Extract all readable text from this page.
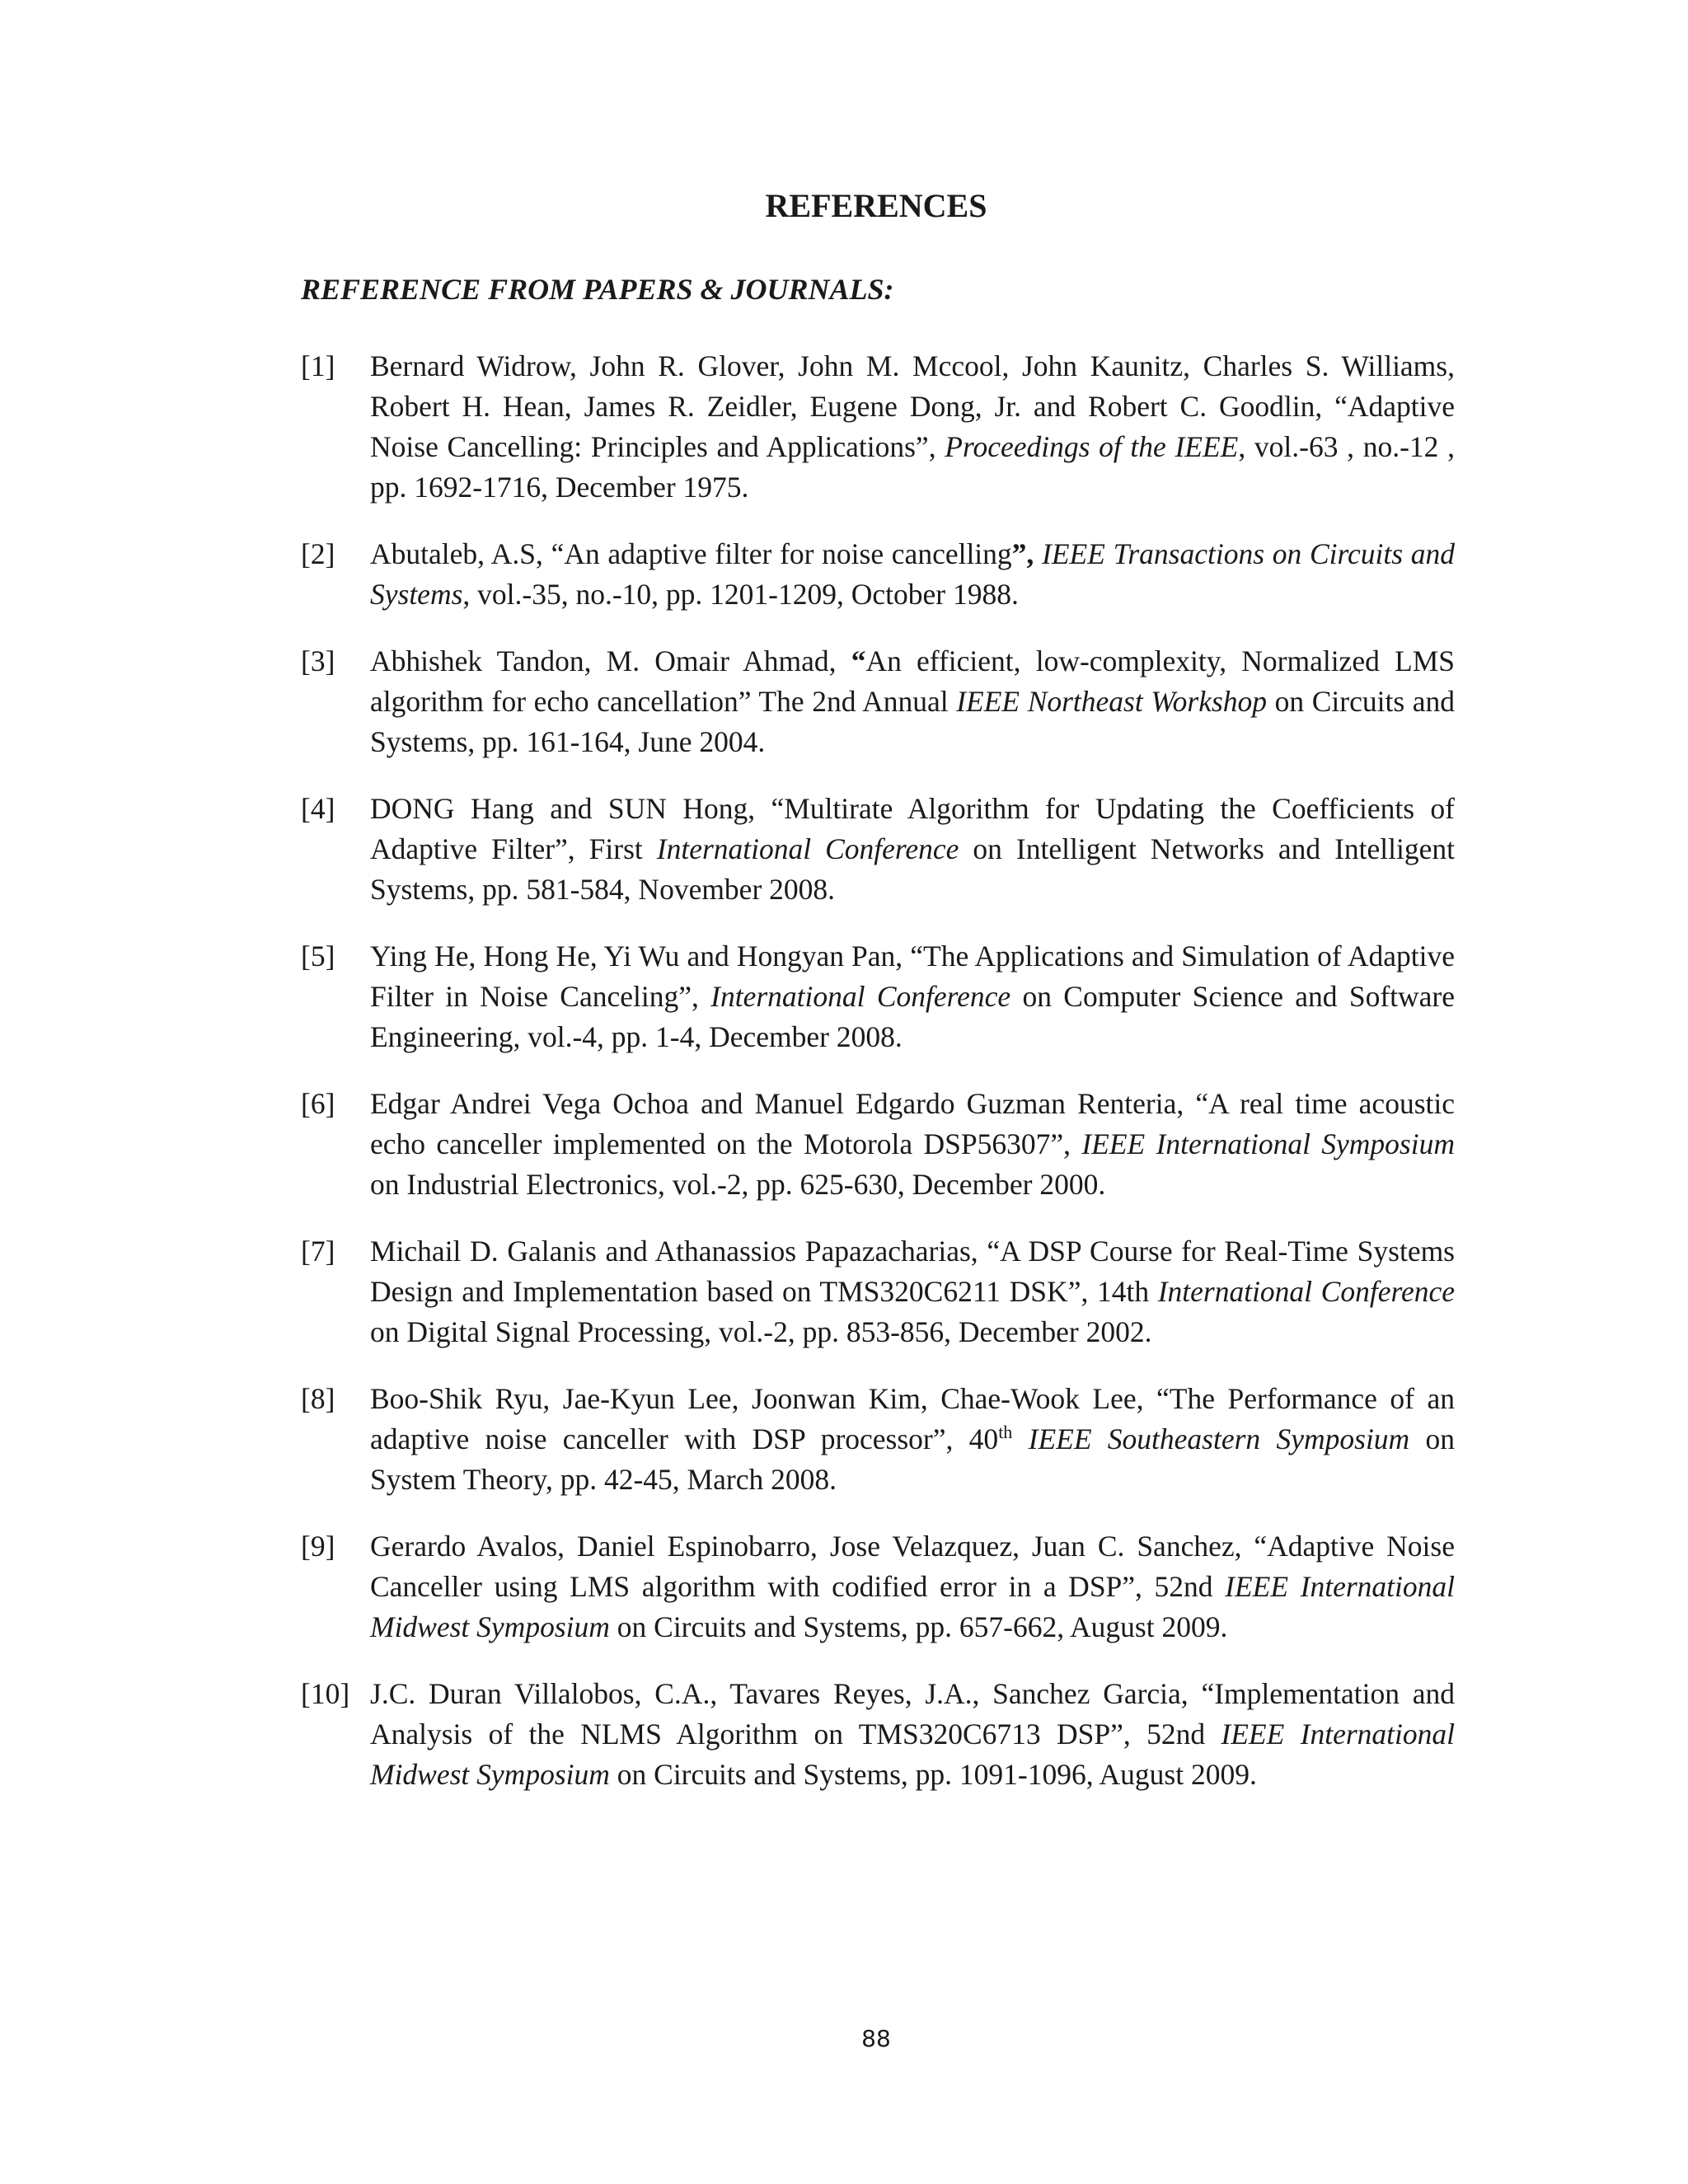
REFERENCES
REFERENCE FROM PAPERS & JOURNALS:
[1]	Bernard Widrow, John R. Glover, John M. Mccool, John Kaunitz, Charles S. Williams, Robert H. Hean, James R. Zeidler, Eugene Dong, Jr. and Robert C. Goodlin, “Adaptive Noise Cancelling: Principles and Applications”, Proceedings of the IEEE, vol.-63 , no.-12 , pp. 1692-1716, December 1975.
[2]	Abutaleb, A.S, “An adaptive filter for noise cancelling”, IEEE Transactions on Circuits and Systems, vol.-35, no.-10, pp. 1201-1209, October 1988.
[3]	Abhishek Tandon, M. Omair Ahmad, “An efficient, low-complexity, Normalized LMS algorithm for echo cancellation” The 2nd Annual IEEE Northeast Workshop on Circuits and Systems, pp. 161-164, June 2004.
[4]	DONG Hang and SUN Hong, “Multirate Algorithm for Updating the Coefficients of Adaptive Filter”, First International Conference on Intelligent Networks and Intelligent Systems, pp. 581-584, November 2008.
[5]	Ying He, Hong He, Yi Wu and Hongyan Pan, “The Applications and Simulation of Adaptive Filter in Noise Canceling”, International Conference on Computer Science and Software Engineering, vol.-4, pp. 1-4, December 2008.
[6]	Edgar Andrei Vega Ochoa and Manuel Edgardo Guzman Renteria, “A real time acoustic echo canceller implemented on the Motorola DSP56307”, IEEE International Symposium on Industrial Electronics, vol.-2, pp. 625-630, December 2000.
[7]	Michail D. Galanis and Athanassios Papazacharias, “A DSP Course for Real-Time Systems Design and Implementation based on TMS320C6211 DSK”, 14th International Conference on Digital Signal Processing, vol.-2, pp. 853-856, December 2002.
[8]	Boo-Shik Ryu, Jae-Kyun Lee, Joonwan Kim, Chae-Wook Lee, “The Performance of an adaptive noise canceller with DSP processor”, 40th IEEE Southeastern Symposium on System Theory, pp. 42-45, March 2008.
[9]	Gerardo Avalos, Daniel Espinobarro, Jose Velazquez, Juan C. Sanchez, “Adaptive Noise Canceller using LMS algorithm with codified error in a DSP”, 52nd IEEE International Midwest Symposium on Circuits and Systems, pp. 657-662, August 2009.
[10] J.C. Duran Villalobos, C.A., Tavares Reyes, J.A., Sanchez Garcia, “Implementation and Analysis of the NLMS Algorithm on TMS320C6713 DSP”, 52nd IEEE International Midwest Symposium on Circuits and Systems, pp. 1091-1096, August 2009.
88
